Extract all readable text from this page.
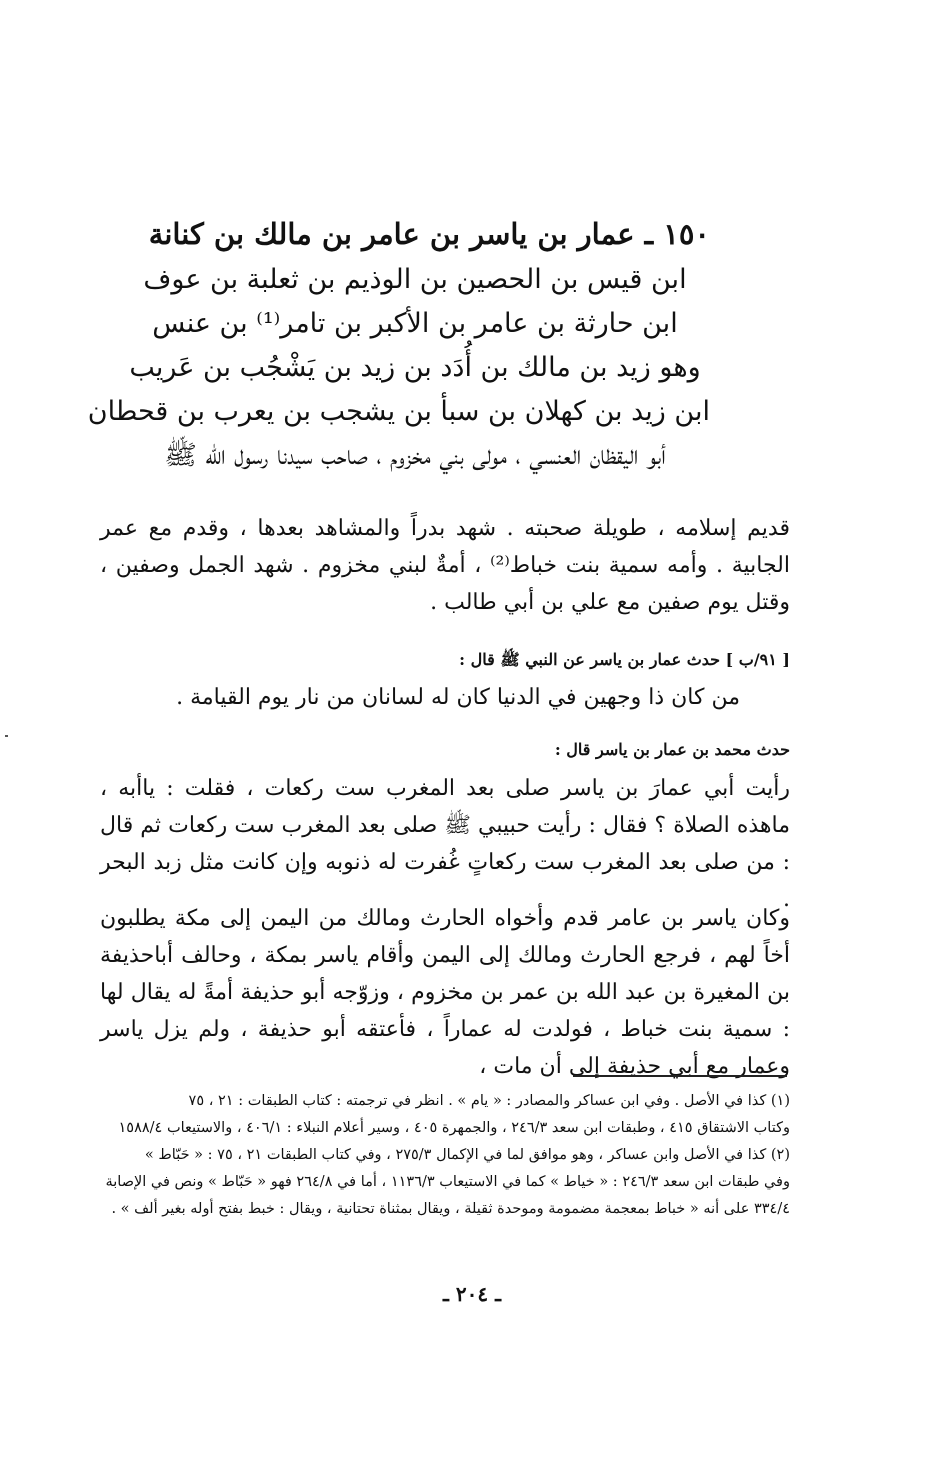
١٥٠ ـ عمار بن ياسر بن عامر بن مالك بن كنانة
ابن قيس بن الحصين بن الوذيم بن ثعلبة بن عوف
ابن حارثة بن عامر بن الأكبر بن تامر⁽¹⁾ بن عنس
وهو زيد بن مالك بن أُدَد بن زيد بن يَشْجُب بن عَريب
ابن زيد بن كهلان بن سبأ بن يشجب بن يعرب بن قحطان
أبو اليقظان العنسي ، مولى بني مخزوم ، صاحب سيدنا رسول الله ﷺ
قديم إسلامه ، طويلة صحبته . شهد بدراً والمشاهد بعدها ، وقدم مع عمر الجابية . وأمه سمية بنت خباط⁽²⁾ ، أمةٌ لبني مخزوم . شهد الجمل وصفين ، وقتل يوم صفين مع علي بن أبي طالب .
[ ٩١/ب ] حدث عمار بن ياسر عن النبي ﷺ قال :
من كان ذا وجهين في الدنيا كان له لسانان من نار يوم القيامة .
حدث محمد بن عمار بن ياسر قال :
رأيت أبي عمارَ بن ياسر صلى بعد المغرب ست ركعات ، فقلت : ياأبه ، ماهذه الصلاة ؟ فقال : رأيت حبيبي ﷺ صلى بعد المغرب ست ركعات ثم قال : من صلى بعد المغرب ست ركعاتٍ غُفرت له ذنوبه وإن كانت مثل زبد البحر .
وكان ياسر بن عامر قدم وأخواه الحارث ومالك من اليمن إلى مكة يطلبون أخاً لهم ، فرجع الحارث ومالك إلى اليمن وأقام ياسر بمكة ، وحالف أباحذيفة بن المغيرة بن عبد الله بن عمر بن مخزوم ، وزوّجه أبو حذيفة أمةً له يقال لها : سمية بنت خباط ، فولدت له عماراً ، فأعتقه أبو حذيفة ، ولم يزل ياسر وعمار مع أبي حذيفة إلى أن مات ،
(١) كذا في الأصل . وفي ابن عساكر والمصادر : « يام » . انظر في ترجمته : كتاب الطبقات : ٢١ ، ٧٥
وكتاب الاشتقاق ٤١٥ ، وطبقات ابن سعد ٢٤٦/٣ ، والجمهرة ٤٠٥ ، وسير أعلام النبلاء : ٤٠٦/١ ، والاستيعاب ١٥٨٨/٤
(٢) كذا في الأصل وابن عساكر ، وهو موافق لما في الإكمال ٢٧٥/٣ ، وفي كتاب الطبقات ٢١ ، ٧٥ : « حَبّاط »
وفي طبقات ابن سعد ٢٤٦/٣ : « خياط » كما في الاستيعاب ١١٣٦/٣ ، أما في ٢٦٤/٨ فهو « حَبّاط » ونص في الإصابة
٣٣٤/٤ على أنه « خباط بمعجمة مضمومة وموحدة ثقيلة ، ويقال بمثناة تحتانية ، ويقال : خبط بفتح أوله بغير ألف » .
ـ ٢٠٤ ـ
